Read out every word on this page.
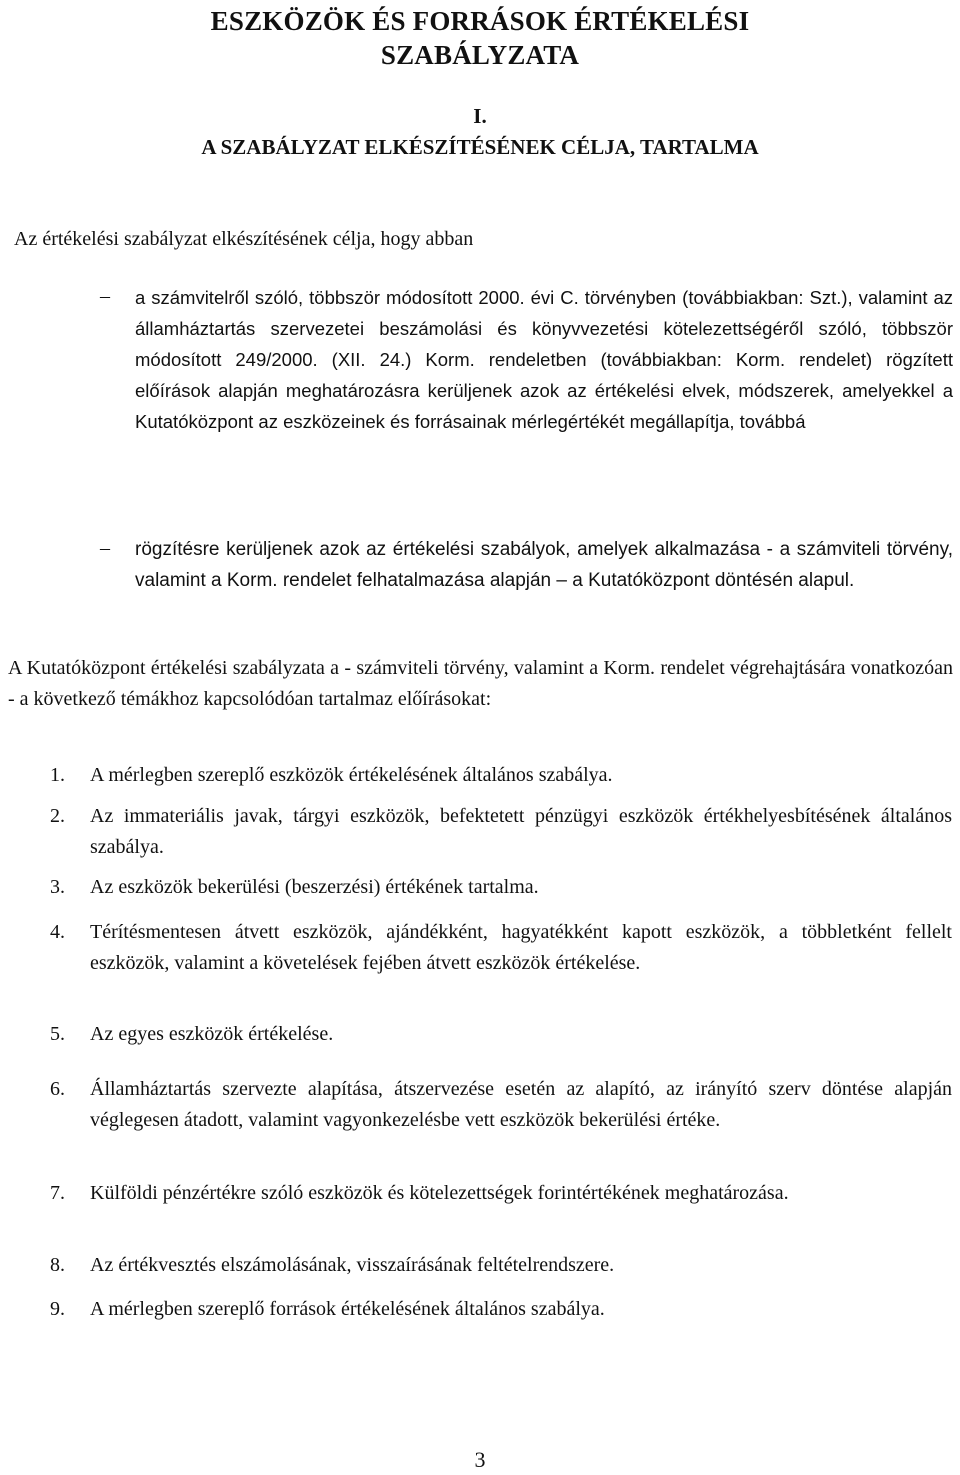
ESZKÖZÖK ÉS FORRÁSOK ÉRTÉKELÉSI
SZABÁLYZATA
I.
A SZABÁLYZAT ELKÉSZÍTÉSÉNEK CÉLJA, TARTALMA
Az értékelési szabályzat elkészítésének célja, hogy abban
– a számvitelről szóló, többször módosított 2000. évi C. törvényben (továbbiakban: Szt.), valamint az államháztartás szervezetei beszámolási és könyvvezetési kötelezettségéről szóló, többször módosított 249/2000. (XII. 24.) Korm. rendeletben (továbbiakban: Korm. rendelet) rögzített előírások alapján meghatározásra kerüljenek azok az értékelési elvek, módszerek, amelyekkel a Kutatóközpont az eszközeinek és forrásainak mérlegértékét megállapítja, továbbá
– rögzítésre kerüljenek azok az értékelési szabályok, amelyek alkalmazása - a számviteli törvény, valamint a Korm. rendelet felhatalmazása alapján – a Kutatóközpont döntésén alapul.
A Kutatóközpont értékelési szabályzata a - számviteli törvény, valamint a Korm. rendelet végrehajtására vonatkozóan - a következő témákhoz kapcsolódóan tartalmaz előírásokat:
1. A mérlegben szereplő eszközök értékelésének általános szabálya.
2. Az immateriális javak, tárgyi eszközök, befektetett pénzügyi eszközök értékhelyesbítésének általános szabálya.
3. Az eszközök bekerülési (beszerzési) értékének tartalma.
4. Térítésmentesen átvett eszközök, ajándékként, hagyatékként kapott eszközök, a többletként fellelt eszközök, valamint a követelések fejében átvett eszközök értékelése.
5. Az egyes eszközök értékelése.
6. Államháztartás szervezte alapítása, átszervezése esetén az alapító, az irányító szerv döntése alapján véglegesen átadott, valamint vagyonkezelésbe vett eszközök bekerülési értéke.
7. Külföldi pénzértékre szóló eszközök és kötelezettségek forintértékének meghatározása.
8. Az értékvesztés elszámolásának, visszaírásának feltételrendszere.
9. A mérlegben szereplő források értékelésének általános szabálya.
3
